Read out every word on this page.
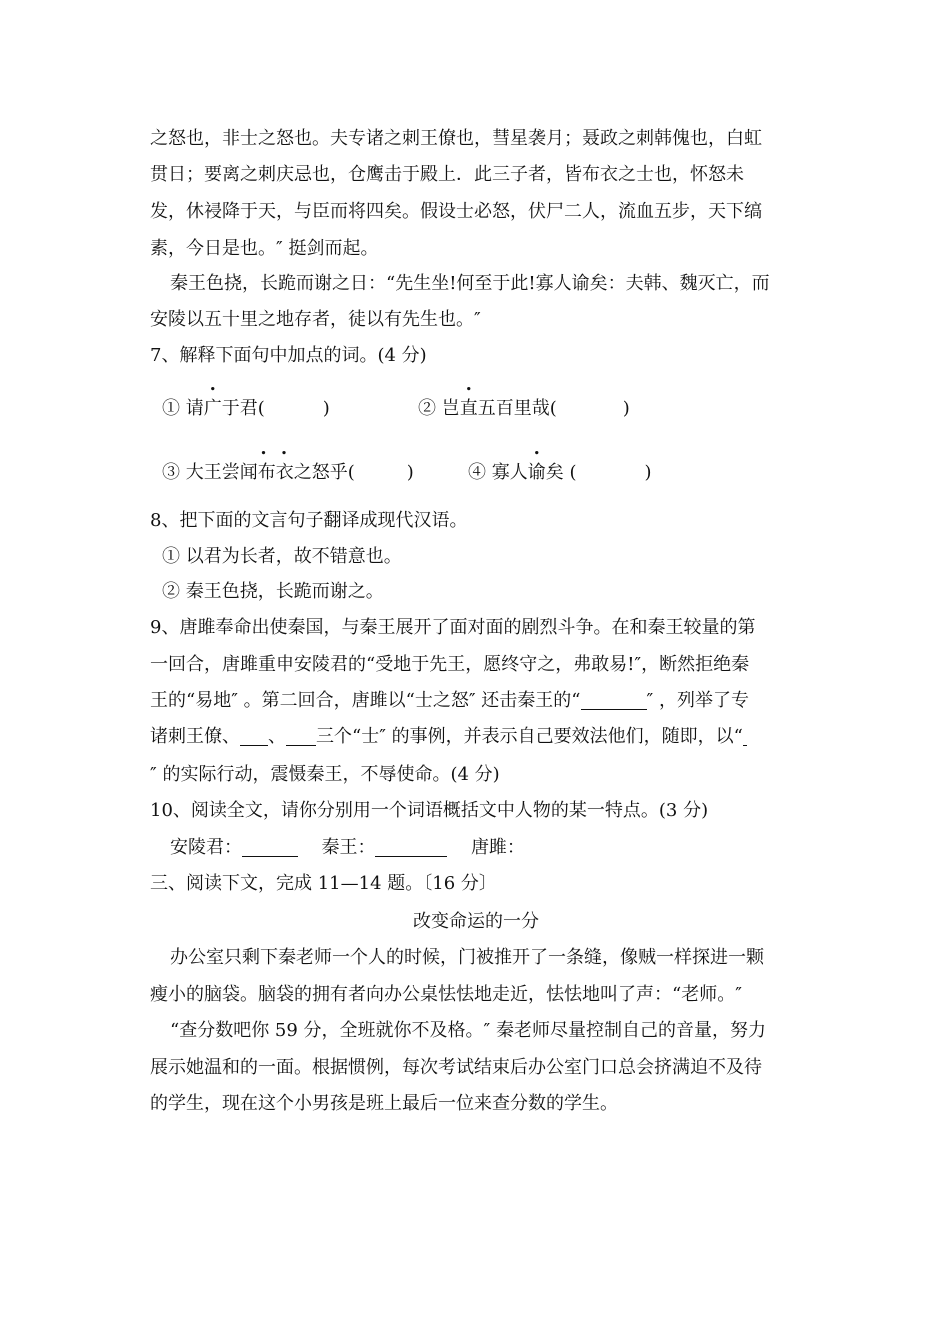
之怒也，非士之怒也。夫专诸之刺王僚也，彗星袭月；聂政之刺韩傀也，白虹
贯日；要离之刺庆忌也，仓鹰击于殿上．此三子者，皆布衣之士也，怀怒未
发，休祲降于天，与臣而将四矣。假设士必怒，伏尸二人，流血五步，天下缟
素，今日是也。″ 挺剑而起。
秦王色挠，长跪而谢之日：“先生坐!何至于此!寡人谕矣：夫韩、魏灭亡，而
安陵以五十里之地存者，徒以有先生也。″
7、解释下面句中加点的词。(4 分)
① 请广于君(	)	② 岂直五百里哉(	)
③ 大王尝闻. . 布衣之怒乎(	)	④ 寡人谕矣 (	)
8、把下面的文言句子翻译成现代汉语。
① 以君为长者，故不错意也。
② 秦王色挠，长跪而谢之。
9、唐雎奉命出使秦国，与秦王展开了面对面的剧烈斗争。在和秦王较量的第
一回合，唐雎重申安陵君的“受地于先王，愿终守之，弗敢易!″，断然拒绝秦
王的“易地″ 。第二回合，唐雎以“士之怒″ 还击秦王的“	″ ，列举了专
诸刺王僚、 、 三个“士″ 的事例，并表示自己要效法他们，随即，以“
″ 的实际行动，震慑秦王，不辱使命。(4 分)
10、阅读全文，请你分别用一个词语概括文中人物的某一特点。(3 分)
安陵君：	秦王：	唐雎：
三、阅读下文，完成 11—14 题。〔16 分〕
改变命运的一分
办公室只剩下秦老师一个人的时候，门被推开了一条缝，像贼一样探进一颗
瘦小的脑袋。脑袋的拥有者向办公桌怯怯地走近，怯怯地叫了声：“老师。″
“查分数吧你 59 分，全班就你不及格。″ 秦老师尽量控制自己的音量，努力
展示她温和的一面。根据惯例，每次考试结束后办公室门口总会挤满迫不及待
的学生，现在这个小男孩是班上最后一位来查分数的学生。
